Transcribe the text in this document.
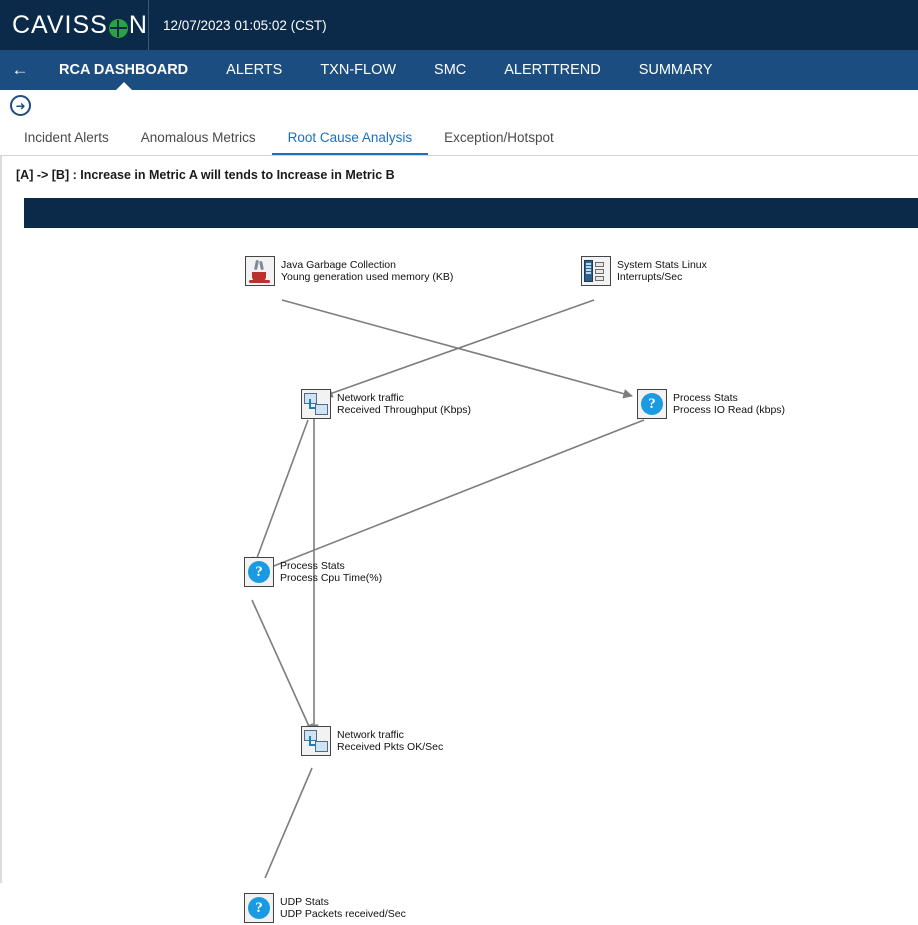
CAVISS N	12/07/2023 01:05:02 (CST)
←	RCA DASHBOARD	ALERTS	TXN-FLOW	SMC	ALERTTREND	SUMMARY
➜
Incident Alerts Anomalous Metrics Root Cause Analysis Exception/Hotspot
[A] -> [B] : Increase in Metric A will tends to Increase in Metric B
Java Garbage Collection
Young generation used memory (KB)
System Stats Linux
Interrupts/Sec
Network traffic
Received Throughput (Kbps)	?	Process Stats
Process IO Read (kbps)
?	Process Stats
Process Cpu Time(%)
Network traffic
Received Pkts OK/Sec
?	UDP Stats
UDP Packets received/Sec
